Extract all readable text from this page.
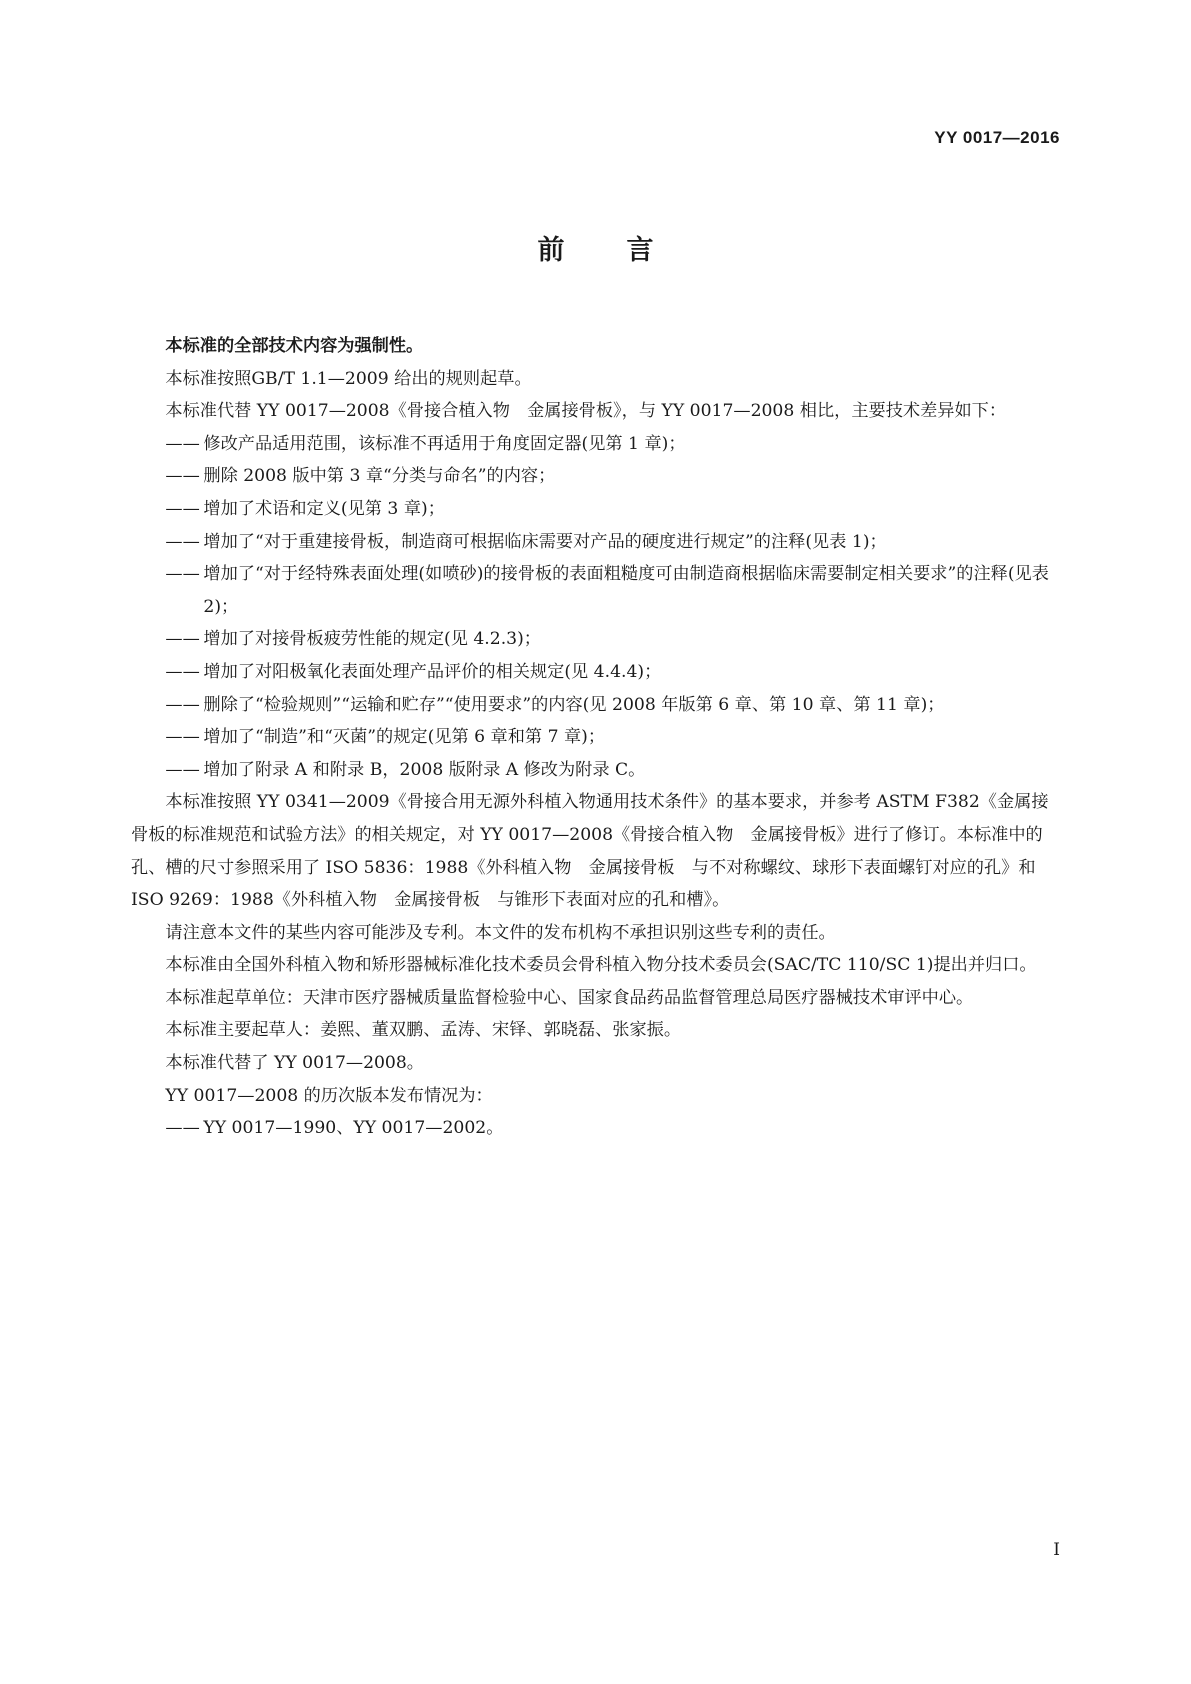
YY 0017—2016
前 言

本标准的全部技术内容为强制性。

本标准按照GB/T 1.1—2009 给出的规则起草。

本标准代替 YY 0017—2008《骨接合植入物　金属接骨板》，与 YY 0017—2008 相比，主要技术差异如下：

—— 修改产品适用范围，该标准不再适用于角度固定器(见第 1 章)；

—— 删除 2008 版中第 3 章“分类与命名”的内容；

—— 增加了术语和定义(见第 3 章)；

—— 增加了“对于重建接骨板，制造商可根据临床需要对产品的硬度进行规定”的注释(见表 1)；

—— 增加了“对于经特殊表面处理(如喷砂)的接骨板的表面粗糙度可由制造商根据临床需要制定相关要求”的注释(见表 2)；

—— 增加了对接骨板疲劳性能的规定(见 4.2.3)；

—— 增加了对阳极氧化表面处理产品评价的相关规定(见 4.4.4)；

—— 删除了“检验规则”“运输和贮存”“使用要求”的内容(见 2008 年版第 6 章、第 10 章、第 11 章)；

—— 增加了“制造”和“灭菌”的规定(见第 6 章和第 7 章)；

—— 增加了附录 A 和附录 B，2008 版附录 A 修改为附录 C。

本标准按照 YY 0341—2009《骨接合用无源外科植入物通用技术条件》的基本要求，并参考 ASTM F382《金属接骨板的标准规范和试验方法》的相关规定，对 YY 0017—2008《骨接合植入物　金属接骨板》进行了修订。本标准中的孔、槽的尺寸参照采用了 ISO 5836：1988《外科植入物　金属接骨板　与不对称螺纹、球形下表面螺钉对应的孔》和 ISO 9269：1988《外科植入物　金属接骨板　与锥形下表面对应的孔和槽》。

请注意本文件的某些内容可能涉及专利。本文件的发布机构不承担识别这些专利的责任。

本标准由全国外科植入物和矫形器械标准化技术委员会骨科植入物分技术委员会(SAC/TC 110/SC 1)提出并归口。

本标准起草单位：天津市医疗器械质量监督检验中心、国家食品药品监督管理总局医疗器械技术审评中心。

本标准主要起草人：姜熙、董双鹏、孟涛、宋铎、郭晓磊、张家振。

本标准代替了 YY 0017—2008。

YY 0017—2008 的历次版本发布情况为：

—— YY 0017—1990、YY 0017—2002。

I
